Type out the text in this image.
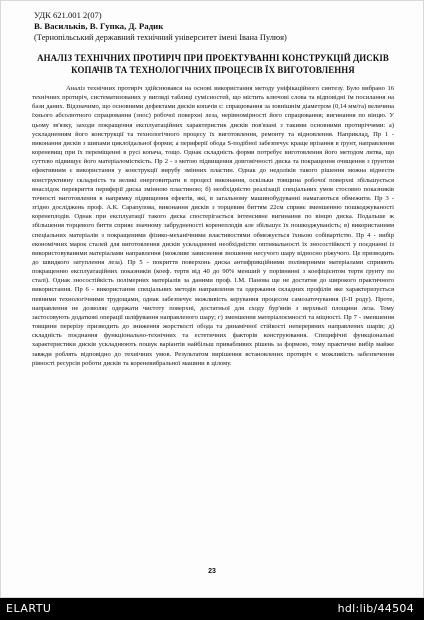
УДК 621.001 2(07)
В. Васильків, В. Гупка, Д. Радик
(Тернопільський державний технічний університет імені Івана Пулюя)
АНАЛІЗ ТЕХНІЧНИХ ПРОТИРІЧ ПРИ ПРОЕКТУВАННІ КОНСТРУКЦІЙ ДИСКІВ КОПАЧІВ ТА ТЕХНОЛОГІЧНИХ ПРОЦЕСІВ ЇХ ВИГОТОВЛЕННЯ
Аналіз технічних протиріч здійснювався на основі використання методу уніфікаційного синтезу. Було вибрано 16 технічних протиріч, систематизованих у вигляді таблиці сумісностей, що містить ключові слова та відповідні їм посилання на бази даних. Відзначимо, що основними дефектами дисків копачів є: спрацювання за зовнішнім діаметром (0,14 мм/га) величина їхнього абсолютного спрацювання (знос) робочої поверхні леза, нерівномірності його спрацювання; вигинання по вінцю. У цьому зв'язку, заходи покращення експлуатаційних характеристик дисків пов'язані з такими основними протиріччями: а) ускладненням його конструкції та технологічного процесу їх виготовлення, ремонту та відновлення. Наприклад, Пр 1 - виконання дисків з шипами циклоїдальної форми; а периферії обода S-подібної забезпечує краще врізання в ґрунт, направлення кореневищ при їх переміщенні в русі копача, тощо. Однак складність форми потребує виготовлення його методом литва, що суттєво підвищує його матеріаломісткість. Пр 2 - з метою підвищення довговічності диска та покращення очищення з ґрунтом ефективним є використання у конструкції вирубу змінних пластин. Однак до недоліків такого рішення можна віднести конструктивну складність та великі енерговитрати в процесі виконання, оскільки товщина робочої поверхні збільшується внаслідок перекриття периферії диска змінною пластиною; б) необхідністю реалізації спеціальних умов стосовно показників точності виготовлення в напрямку підвищення ефектів, які, в загальному машинобудуванні намагаються обмежити. Пр 3 - згідно досліджень проф. А.К. Сарапулова, виконання дисків з торцевим биттям 22см сприяє зменшенню пошкоджуваності коренеплодів. Однак при експлуатації такого диска спостерігається інтенсивне вигинання по вінцю диска. Подальше ж збільшення торцевого биття сприяє значному забрудненості коренеплодів але збільшує їх пошкоджуваність; в) використанням спеціальних матеріалів з покращеними фізико-механічними властивостями обмежується їхньою собівартістю. Пр 4 - вибір економічних марок сталей для виготовлення дисків ускладненні необхідністю оптимальності їх зносостійкості у поєднанні із використовуваними матеріалами направлення (можливе зависнення зношення несучого шару відносно ріжучого. Це призводить до швидкого затуплення леза). Пр 5 - покриття поверхонь диска антифрикційними полімерними матеріалами сприяють покращенню експлуатаційних показників (коеф. тертя від 40 до 90% менший у порівнянні з коефіцієнтом тертя ґрунту по сталі). Однак зносостійкість полімерних матеріалів за даними проф. І.М. Панова ще не достатня до широкого практичного використання. Пр 6 - використання спеціальних методів направлення та одержання складних профілів яке характеризується певними технологічними трудощами, однак забезпечує можливість керування процесом самозаточування (I-II роду). Проте, направлення не дозволяє одержати чистоту поверхні, достатньої для сходу бур'янів з верхньої площини леза. Тому застосовують додаткові операції шліфування направленого шару; г) зменшення матеріалоємності та міцності. Пр 7 - зменшення товщини перерізу призводить до зниження жорсткості обода та динамічної стійкості неперервних направлених шарів; д) складність поєднання функціонально-технічних та естетичних факторів конструювання. Специфічні функціональні характеристики дисків ускладнюють пошук варіантів найбільш привабливих рішень за формою, тому практичне вибір майже завжди роблять відповідно до технічних умов. Результатом вирішення встановлених протиріч є можливість забезпечення рівності ресурсів роботи дисків та кореневибральної машини в цілому.
23
ELARTU	hdl:lib/44504
